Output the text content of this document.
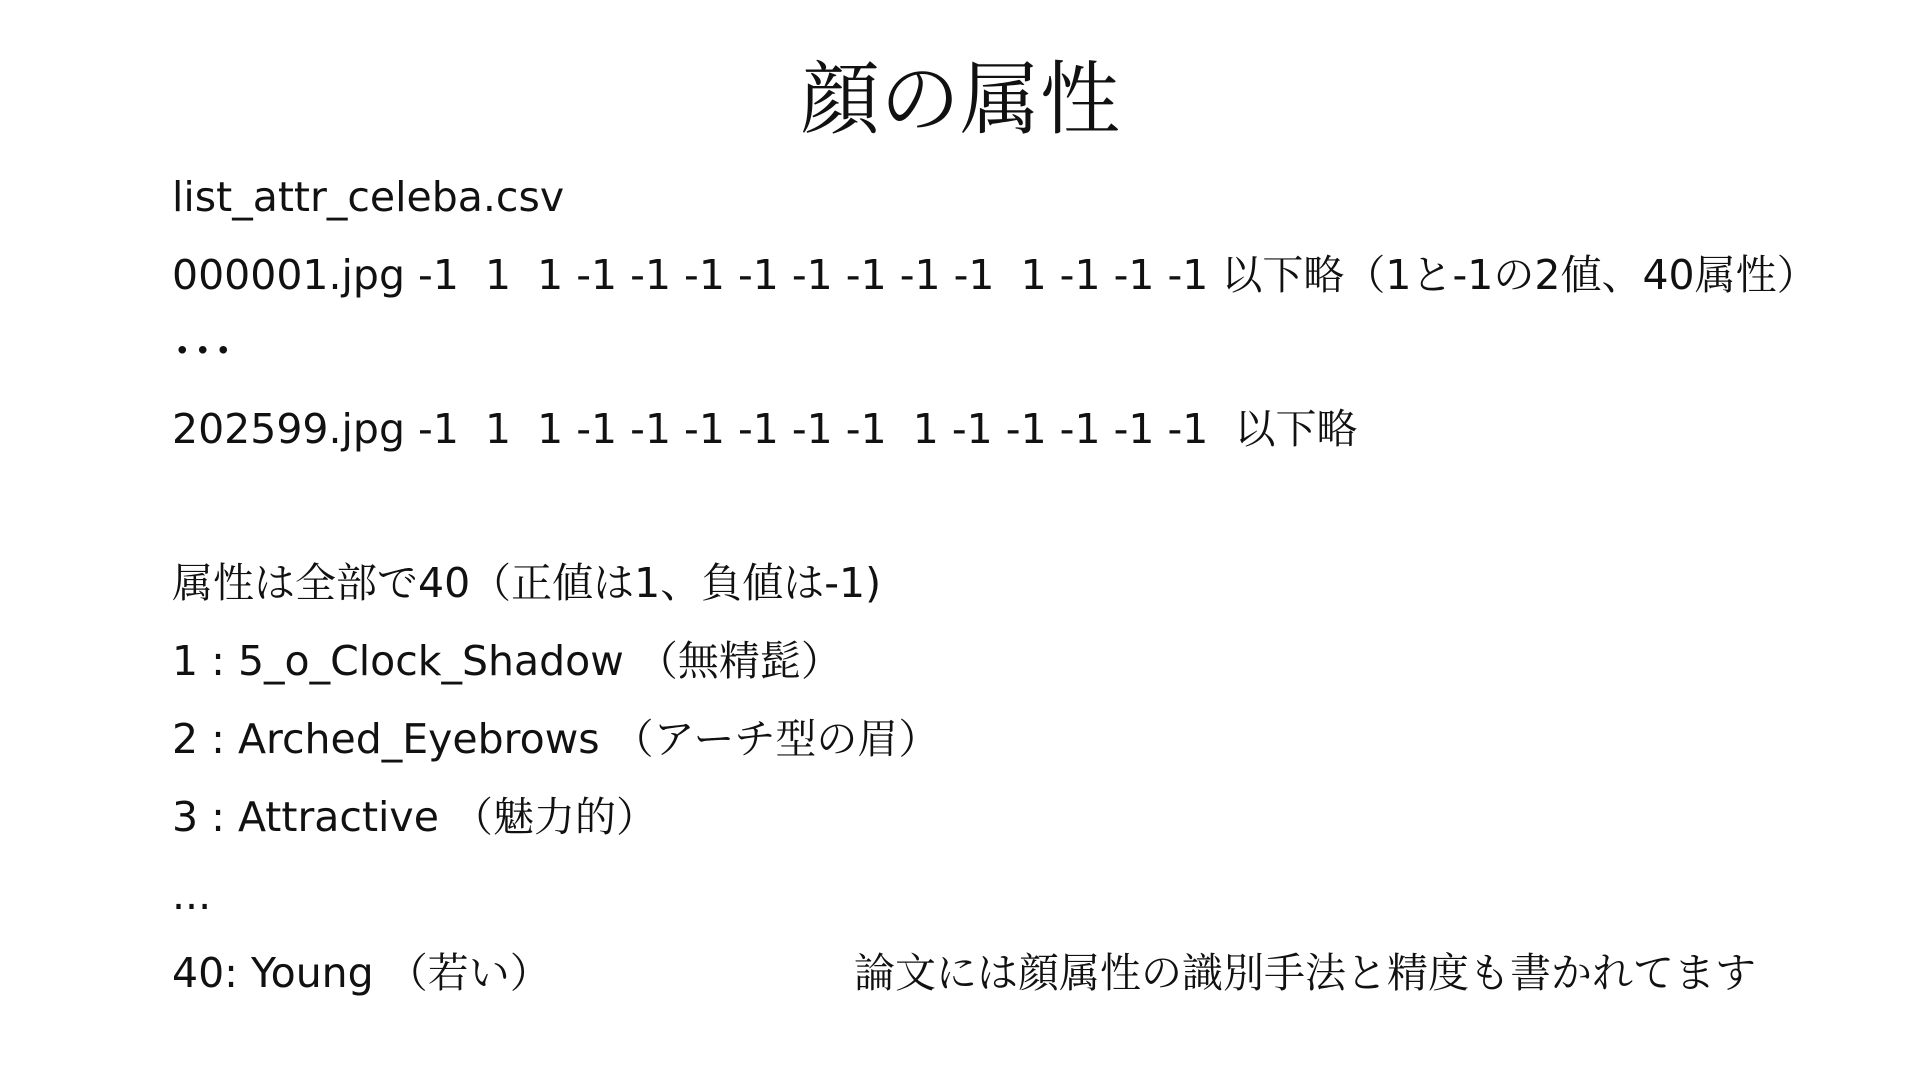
顔の属性

list_attr_celeba.csv

000001.jpg -1  1  1 -1 -1 -1 -1 -1 -1 -1 -1  1 -1 -1 -1 以下略（1と-1の2値、40属性）

･･･

202599.jpg -1  1  1 -1 -1 -1 -1 -1 -1  1 -1 -1 -1 -1 -1  以下略

属性は全部で40（正値は1、負値は-1)

1 : 5_o_Clock_Shadow （無精髭）

2 : Arched_Eyebrows （アーチ型の眉）

3 : Attractive （魅力的）

...

40: Young （若い）	論文には顔属性の識別手法と精度も書かれてます
